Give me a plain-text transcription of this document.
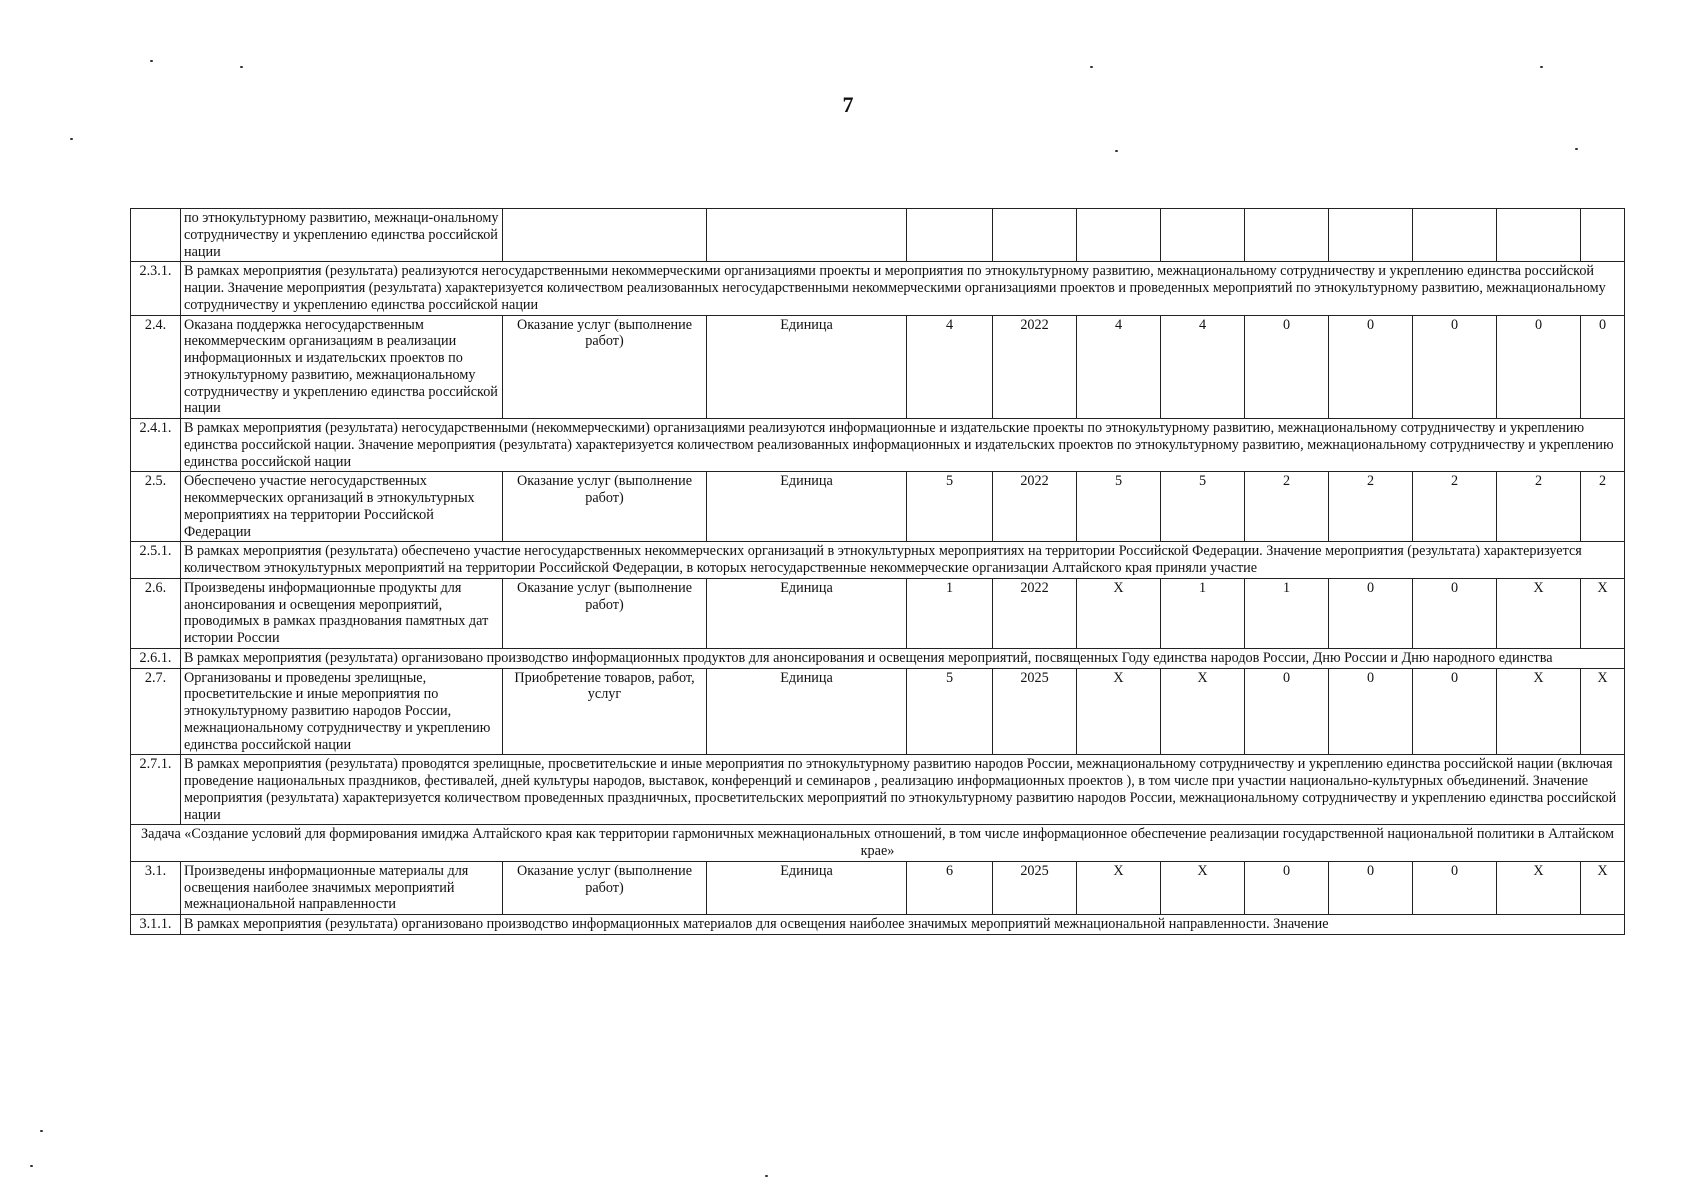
7
	по этнокультурному развитию, межнаци-ональному сотрудничеству и укреплению единства российской нации											
2.3.1.	В рамках мероприятия (результата) реализуются негосударственными некоммерческими организациями проекты и мероприятия по этнокультурному развитию, межнациональному сотрудничеству и укреплению единства российской нации. Значение мероприятия (результата) характеризуется количеством реализованных негосударственными некоммерческими организациями проектов и проведенных мероприятий по этнокультурному развитию, межнациональному сотрудничеству и укреплению единства российской нации											
2.4.	Оказана поддержка негосударственным некоммерческим организациям в реализации информационных и издательских проектов по этнокультурному развитию, межнациональному сотрудничеству и укреплению единства российской нации	Оказание услуг (выполнение работ)	Единица	4	2022	4	4	0	0	0	0	0
2.4.1.	В рамках мероприятия (результата) негосударственными (некоммерческими) организациями реализуются информационные и издательские проекты по этнокультурному развитию, межнациональному сотрудничеству и укреплению единства российской нации. Значение мероприятия (результата) характеризуется количеством реализованных информационных и издательских проектов по этнокультурному развитию, межнациональному сотрудничеству и укреплению единства российской нации											
2.5.	Обеспечено участие негосударственных некоммерческих организаций в этнокультурных мероприятиях на территории Российской Федерации	Оказание услуг (выполнение работ)	Единица	5	2022	5	5	2	2	2	2	2
2.5.1.	В рамках мероприятия (результата) обеспечено участие негосударственных некоммерческих организаций в этнокультурных мероприятиях на территории Российской Федерации. Значение мероприятия (результата) характеризуется количеством этнокультурных мероприятий на территории Российской Федерации, в которых негосударственные некоммерческие организации Алтайского края приняли участие											
2.6.	Произведены информационные продукты для анонсирования и освещения мероприятий, проводимых в рамках празднования памятных дат истории России	Оказание услуг (выполнение работ)	Единица	1	2022	X	1	1	0	0	X	X
2.6.1.	В рамках мероприятия (результата) организовано производство информационных продуктов для анонсирования и освещения мероприятий, посвященных Году единства народов России, Дню России и Дню народного единства											
2.7.	Организованы и проведены зрелищные, просветительские и иные мероприятия по этнокультурному развитию народов России, межнациональному сотрудничеству и укреплению единства российской нации	Приобретение товаров, работ, услуг	Единица	5	2025	X	X	0	0	0	X	X
2.7.1.	В рамках мероприятия (результата) проводятся зрелищные, просветительские и иные мероприятия по этнокультурному развитию народов России, межнациональному сотрудничеству и укреплению единства российской нации (включая проведение национальных праздников, фестивалей, дней культуры народов, выставок, конференций и семинаров , реализацию информационных проектов ), в том числе при участии национально-культурных объединений. Значение мероприятия (результата) характеризуется количеством проведенных праздничных, просветительских мероприятий по этнокультурному развитию народов России, межнациональному сотрудничеству и укреплению единства российской нации											
Задача «Создание условий для формирования имиджа Алтайского края как территории гармоничных межнациональных отношений, в том числе информационное обеспечение реализации государственной национальной политики в Алтайском крае»												
3.1.	Произведены информационные материалы для освещения наиболее значимых мероприятий межнациональной направленности	Оказание услуг (выполнение работ)	Единица	6	2025	X	X	0	0	0	X	X
3.1.1.	В рамках мероприятия (результата) организовано производство информационных материалов для освещения наиболее значимых мероприятий межнациональной направленности. Значение											
